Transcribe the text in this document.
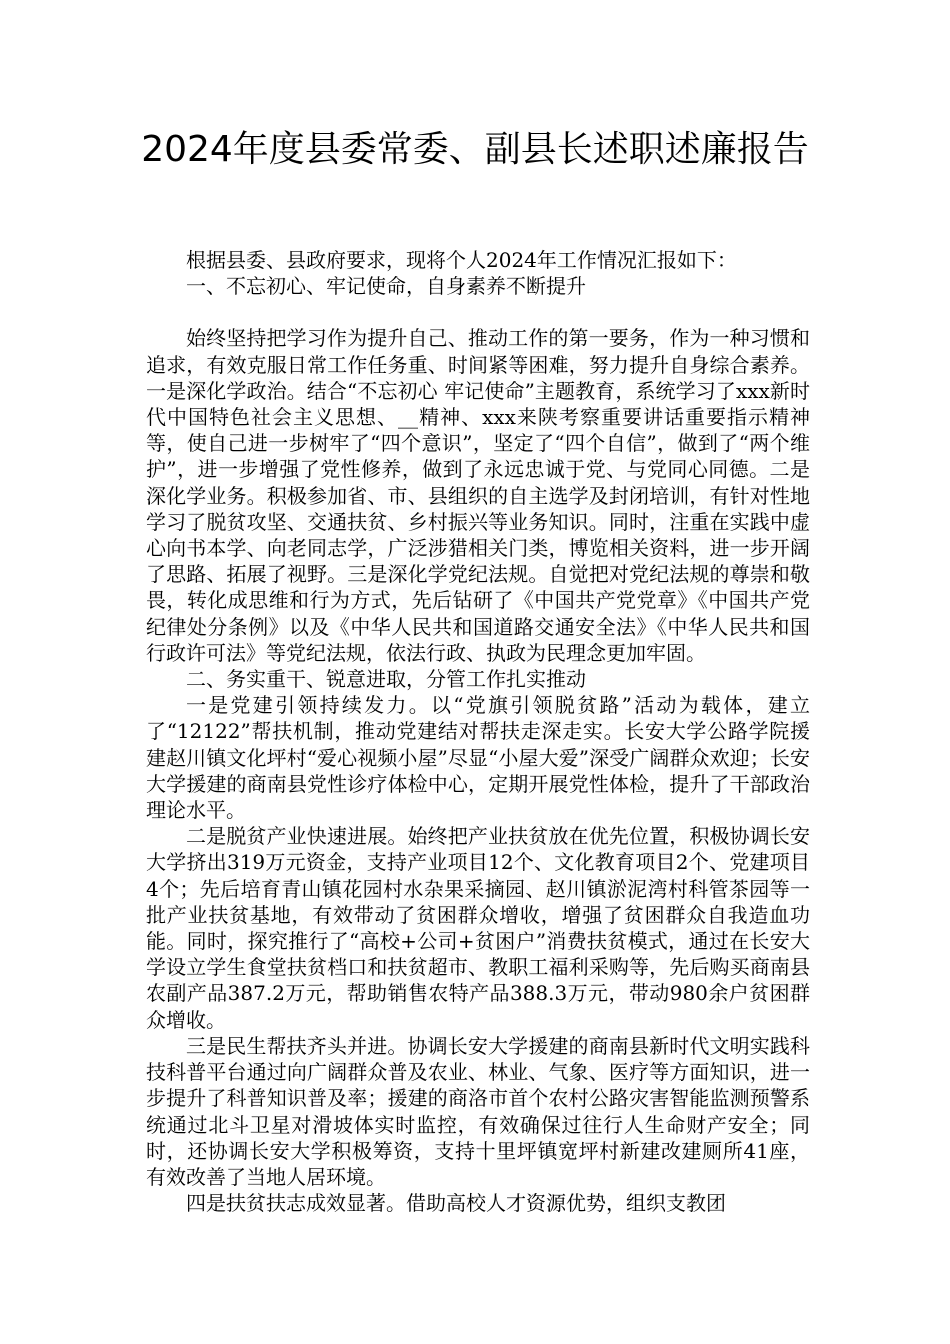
2024年度县委常委、副县长述职述廉报告

根据县委、县政府要求，现将个人2024年工作情况汇报如下：

一、不忘初心、牢记使命，自身素养不断提升

始终坚持把学习作为提升自己、推动工作的第一要务，作为一种习惯和追求，有效克服日常工作任务重、时间紧等困难，努力提升自身综合素养。一是深化学政治。结合“不忘初心 牢记使命”主题教育，系统学习了xxx新时代中国特色社会主义思想、__精神、xxx来陕考察重要讲话重要指示精神等，使自己进一步树牢了“四个意识”，坚定了“四个自信”，做到了“两个维护”，进一步增强了党性修养，做到了永远忠诚于党、与党同心同德。二是深化学业务。积极参加省、市、县组织的自主选学及封闭培训，有针对性地学习了脱贫攻坚、交通扶贫、乡村振兴等业务知识。同时，注重在实践中虚心向书本学、向老同志学，广泛涉猎相关门类，博览相关资料，进一步开阔了思路、拓展了视野。三是深化学党纪法规。自觉把对党纪法规的尊崇和敬畏，转化成思维和行为方式，先后钻研了《中国共产党党章》《中国共产党纪律处分条例》以及《中华人民共和国道路交通安全法》《中华人民共和国行政许可法》等党纪法规，依法行政、执政为民理念更加牢固。

二、务实重干、锐意进取，分管工作扎实推动

一是党建引领持续发力。以“党旗引领脱贫路”活动为载体，建立了“12122”帮扶机制，推动党建结对帮扶走深走实。长安大学公路学院援建赵川镇文化坪村“爱心视频小屋”尽显“小屋大爱”深受广阔群众欢迎；长安大学援建的商南县党性诊疗体检中心，定期开展党性体检，提升了干部政治理论水平。

二是脱贫产业快速进展。始终把产业扶贫放在优先位置，积极协调长安大学挤出319万元资金，支持产业项目12个、文化教育项目2个、党建项目4个；先后培育青山镇花园村水杂果采摘园、赵川镇淤泥湾村科管茶园等一批产业扶贫基地，有效带动了贫困群众增收，增强了贫困群众自我造血功能。同时，探究推行了“高校+公司+贫困户”消费扶贫模式，通过在长安大学设立学生食堂扶贫档口和扶贫超市、教职工福利采购等，先后购买商南县农副产品387.2万元，帮助销售农特产品388.3万元，带动980余户贫困群众增收。

三是民生帮扶齐头并进。协调长安大学援建的商南县新时代文明实践科技科普平台通过向广阔群众普及农业、林业、气象、医疗等方面知识，进一步提升了科普知识普及率；援建的商洛市首个农村公路灾害智能监测预警系统通过北斗卫星对滑坡体实时监控，有效确保过往行人生命财产安全；同时，还协调长安大学积极筹资，支持十里坪镇宽坪村新建改建厕所41座，有效改善了当地人居环境。

四是扶贫扶志成效显著。借助高校人才资源优势，组织支教团
